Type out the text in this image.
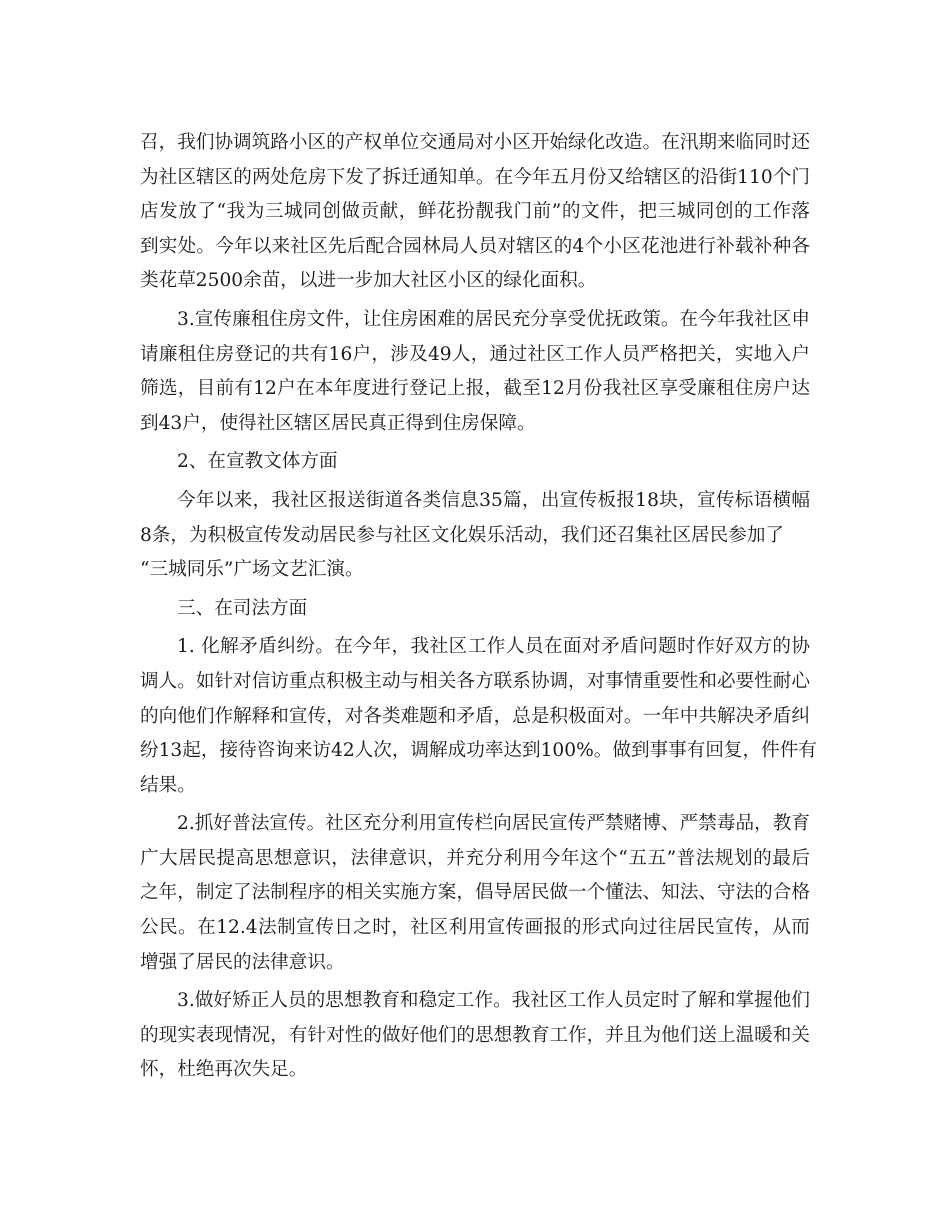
召，我们协调筑路小区的产权单位交通局对小区开始绿化改造。在汛期来临同时还
为社区辖区的两处危房下发了拆迁通知单。在今年五月份又给辖区的沿街110个门
店发放了“我为三城同创做贡献，鲜花扮靓我门前”的文件，把三城同创的工作落
到实处。今年以来社区先后配合园林局人员对辖区的4个小区花池进行补载补种各
类花草2500余苗，以进一步加大社区小区的绿化面积。
3.宣传廉租住房文件，让住房困难的居民充分享受优抚政策。在今年我社区申
请廉租住房登记的共有16户，涉及49人，通过社区工作人员严格把关，实地入户
筛选，目前有12户在本年度进行登记上报，截至12月份我社区享受廉租住房户达
到43户，使得社区辖区居民真正得到住房保障。
2、在宣教文体方面
今年以来，我社区报送街道各类信息35篇，出宣传板报18块，宣传标语横幅
8条，为积极宣传发动居民参与社区文化娱乐活动，我们还召集社区居民参加了
“三城同乐”广场文艺汇演。
三、在司法方面
1. 化解矛盾纠纷。在今年，我社区工作人员在面对矛盾问题时作好双方的协
调人。如针对信访重点积极主动与相关各方联系协调，对事情重要性和必要性耐心
的向他们作解释和宣传，对各类难题和矛盾，总是积极面对。一年中共解决矛盾纠
纷13起，接待咨询来访42人次，调解成功率达到100%。做到事事有回复，件件有
结果。
2.抓好普法宣传。社区充分利用宣传栏向居民宣传严禁赌博、严禁毒品，教育
广大居民提高思想意识，法律意识，并充分利用今年这个“五五”普法规划的最后
之年，制定了法制程序的相关实施方案，倡导居民做一个懂法、知法、守法的合格
公民。在12.4法制宣传日之时，社区利用宣传画报的形式向过往居民宣传，从而
增强了居民的法律意识。
3.做好矫正人员的思想教育和稳定工作。我社区工作人员定时了解和掌握他们
的现实表现情况，有针对性的做好他们的思想教育工作，并且为他们送上温暖和关
怀，杜绝再次失足。
